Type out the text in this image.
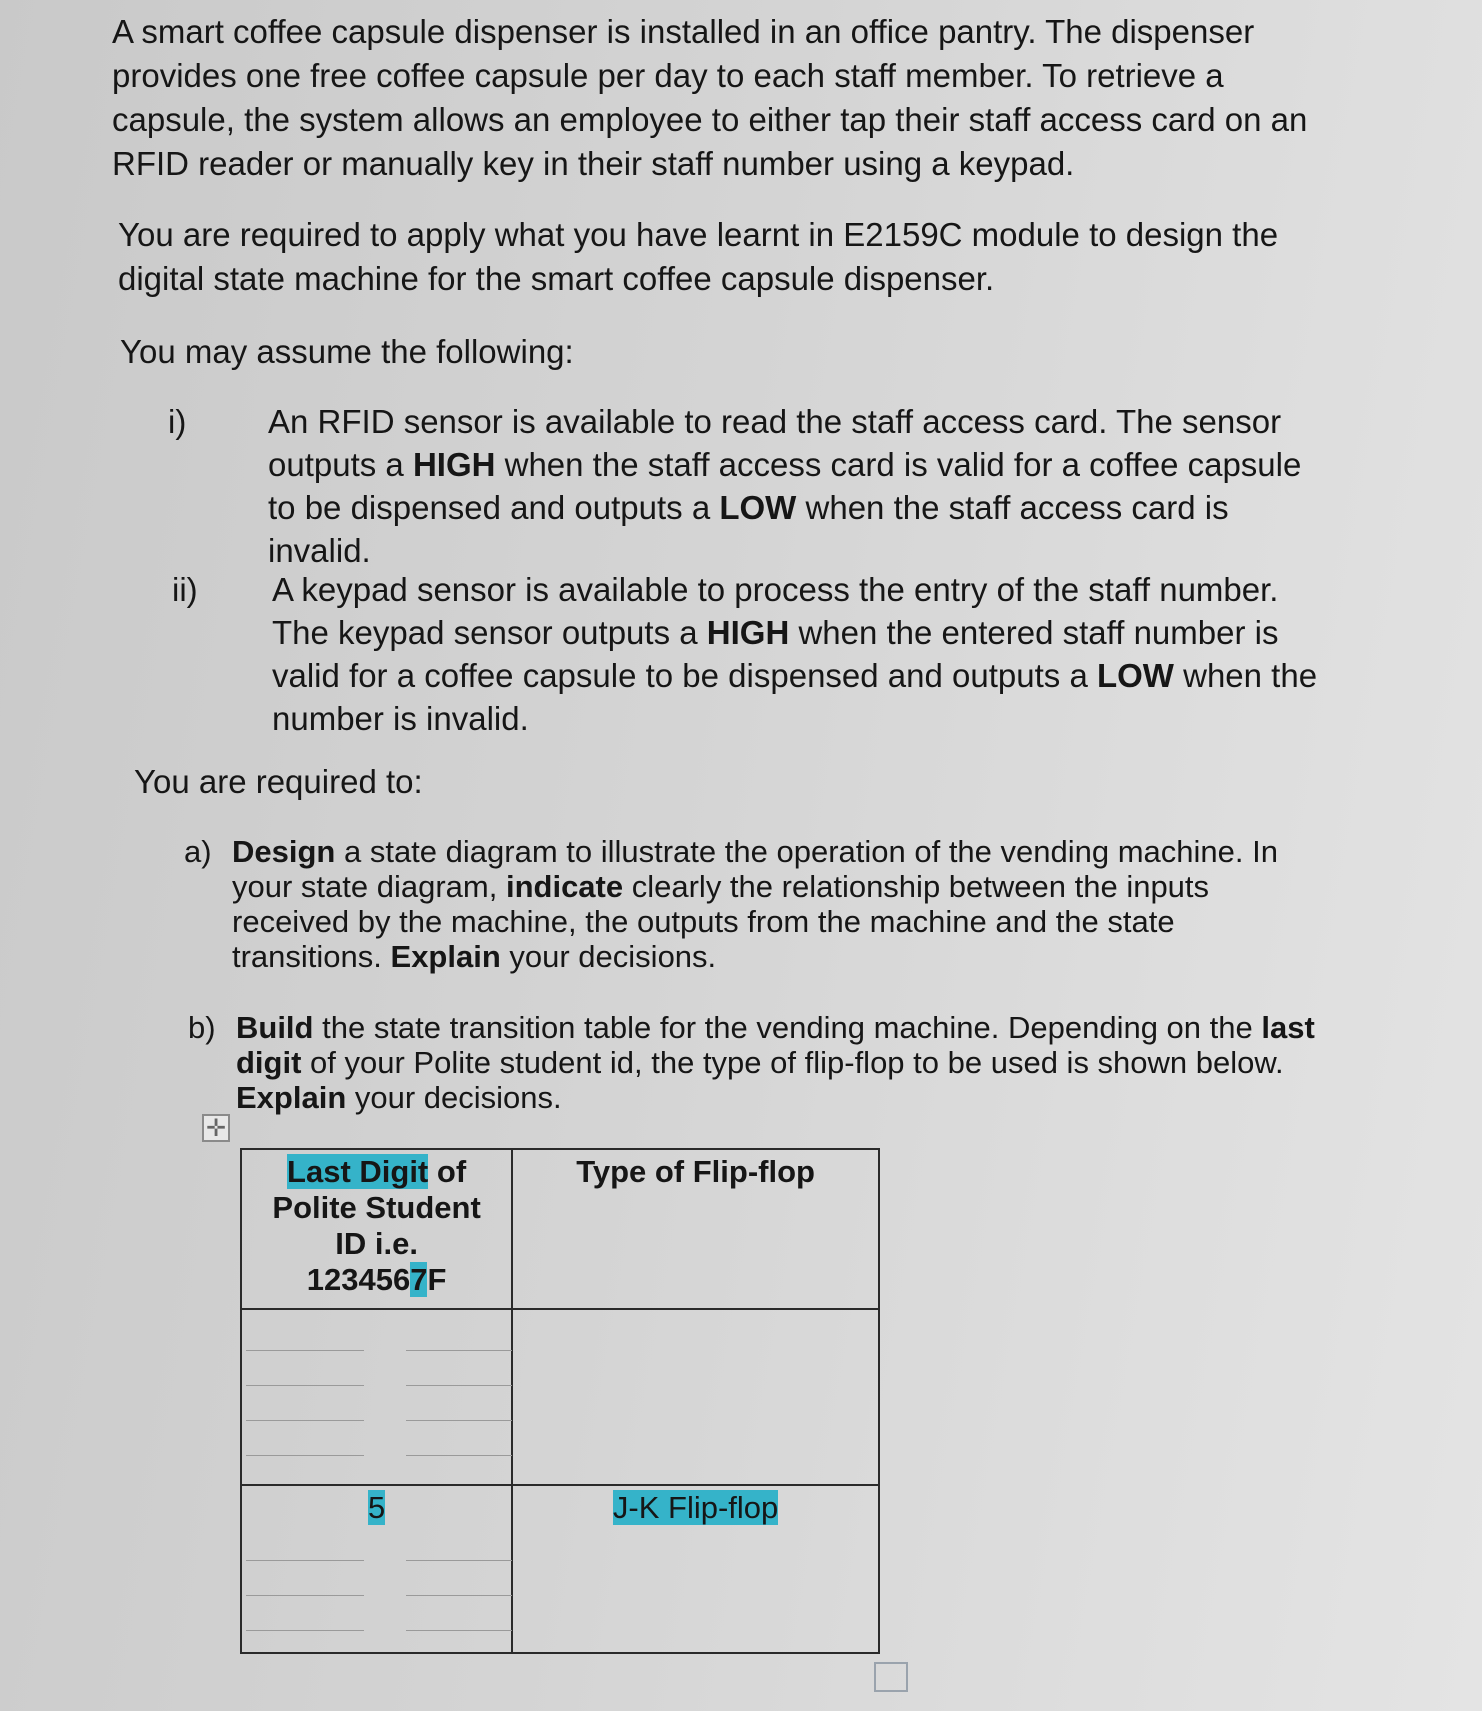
A smart coffee capsule dispenser is installed in an office pantry. The dispenser provides one free coffee capsule per day to each staff member. To retrieve a capsule, the system allows an employee to either tap their staff access card on an RFID reader or manually key in their staff number using a keypad.

You are required to apply what you have learnt in E2159C module to design the digital state machine for the smart coffee capsule dispenser.

You may assume the following:

i) An RFID sensor is available to read the staff access card. The sensor outputs a HIGH when the staff access card is valid for a coffee capsule to be dispensed and outputs a LOW when the staff access card is invalid.
ii) A keypad sensor is available to process the entry of the staff number. The keypad sensor outputs a HIGH when the entered staff number is valid for a coffee capsule to be dispensed and outputs a LOW when the number is invalid.

You are required to:

a) Design a state diagram to illustrate the operation of the vending machine. In your state diagram, indicate clearly the relationship between the inputs received by the machine, the outputs from the machine and the state transitions. Explain your decisions.
b) Build the state transition table for the vending machine. Depending on the last digit of your Polite student id, the type of flip-flop to be used is shown below. Explain your decisions.
✛
Last Digit of
Polite Student
ID i.e.
1234567F	Type of Flip-flop

5	J-K Flip-flop
